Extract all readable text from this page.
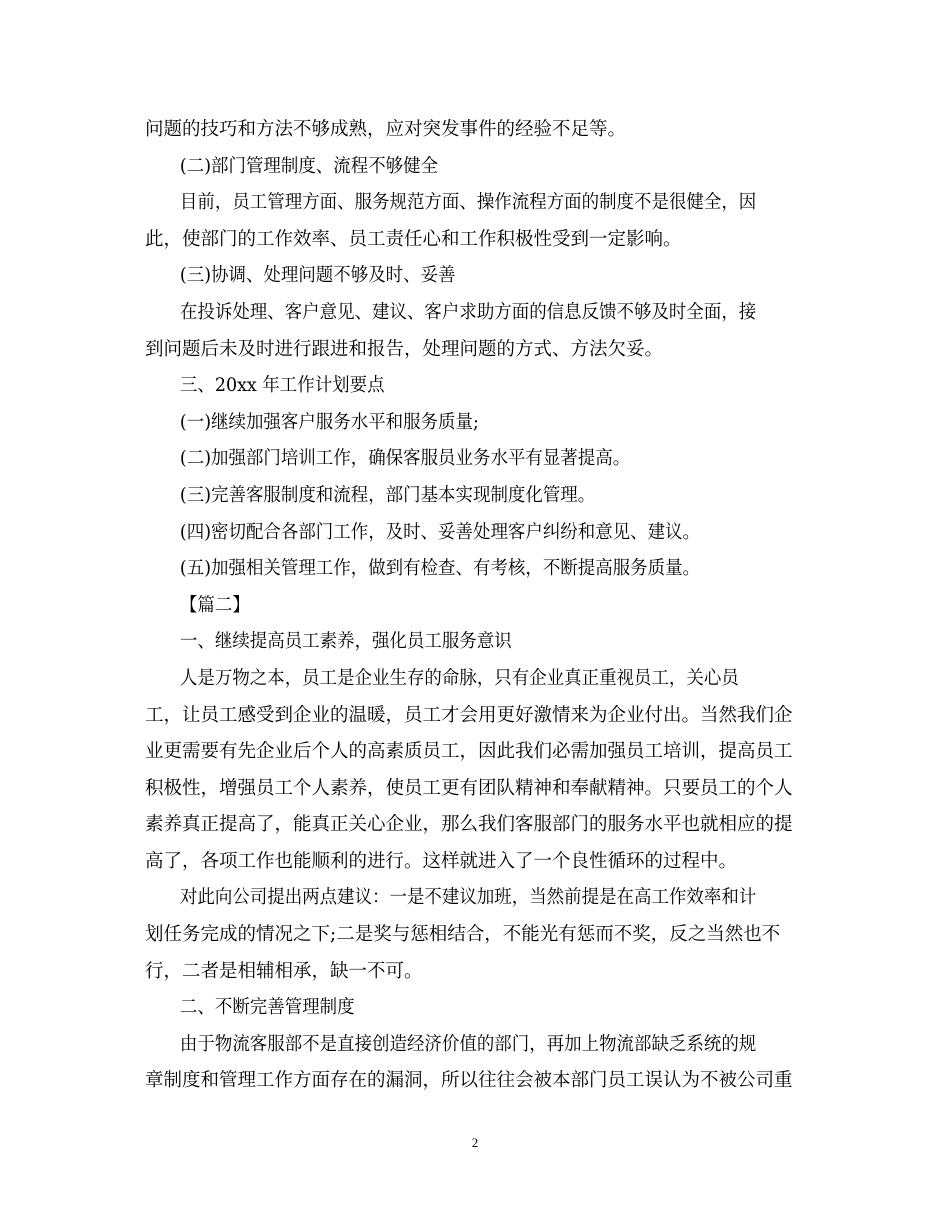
问题的技巧和方法不够成熟，应对突发事件的经验不足等。
(二)部门管理制度、流程不够健全
目前，员工管理方面、服务规范方面、操作流程方面的制度不是很健全，因
此，使部门的工作效率、员工责任心和工作积极性受到一定影响。
(三)协调、处理问题不够及时、妥善
在投诉处理、客户意见、建议、客户求助方面的信息反馈不够及时全面，接
到问题后未及时进行跟进和报告，处理问题的方式、方法欠妥。
三、20xx 年工作计划要点
(一)继续加强客户服务水平和服务质量;
(二)加强部门培训工作，确保客服员业务水平有显著提高。
(三)完善客服制度和流程，部门基本实现制度化管理。
(四)密切配合各部门工作，及时、妥善处理客户纠纷和意见、建议。
(五)加强相关管理工作，做到有检查、有考核，不断提高服务质量。
【篇二】
一、继续提高员工素养，强化员工服务意识
人是万物之本，员工是企业生存的命脉，只有企业真正重视员工，关心员
工，让员工感受到企业的温暖，员工才会用更好激情来为企业付出。当然我们企
业更需要有先企业后个人的高素质员工，因此我们必需加强员工培训，提高员工
积极性，增强员工个人素养，使员工更有团队精神和奉献精神。只要员工的个人
素养真正提高了，能真正关心企业，那么我们客服部门的服务水平也就相应的提
高了，各项工作也能顺利的进行。这样就进入了一个良性循环的过程中。
对此向公司提出两点建议：一是不建议加班，当然前提是在高工作效率和计
划任务完成的情况之下;二是奖与惩相结合，不能光有惩而不奖，反之当然也不
行，二者是相辅相承，缺一不可。
二、不断完善管理制度
由于物流客服部不是直接创造经济价值的部门，再加上物流部缺乏系统的规
章制度和管理工作方面存在的漏洞，所以往往会被本部门员工误认为不被公司重
2
